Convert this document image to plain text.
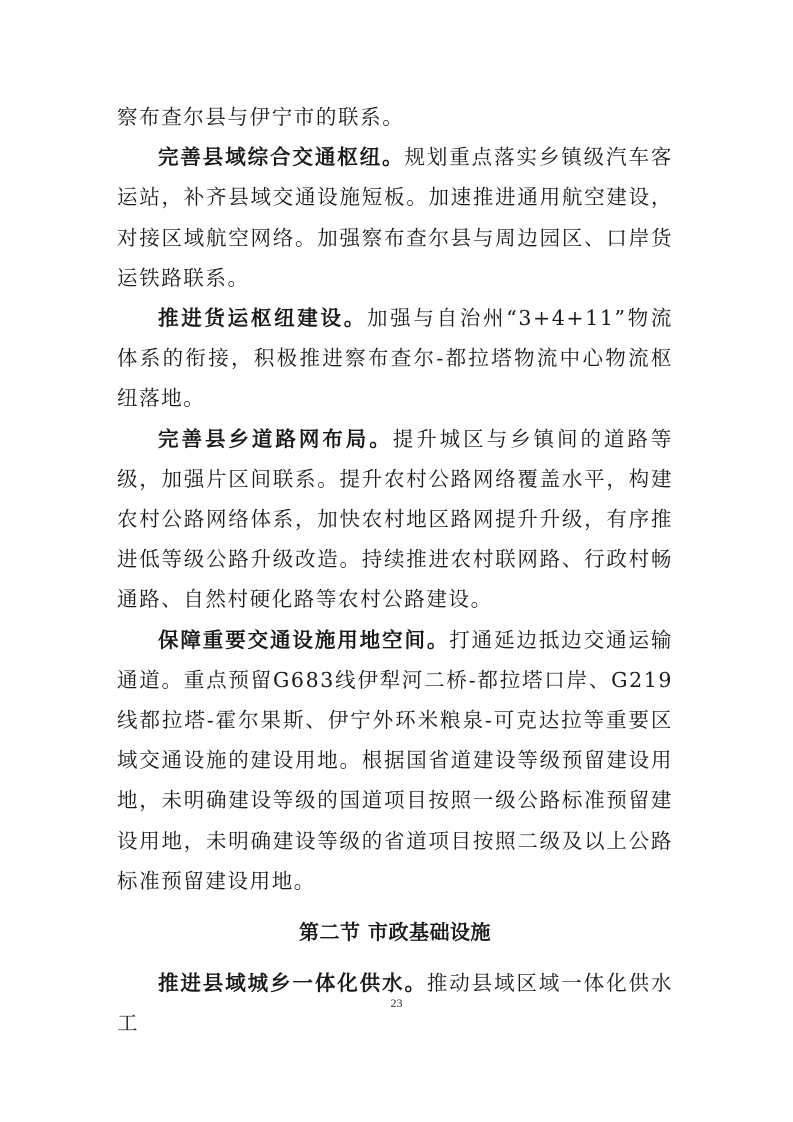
察布查尔县与伊宁市的联系。

完善县域综合交通枢纽。规划重点落实乡镇级汽车客运站，补齐县域交通设施短板。加速推进通用航空建设，对接区域航空网络。加强察布查尔县与周边园区、口岸货运铁路联系。

推进货运枢纽建设。加强与自治州“3+4+11”物流体系的衔接，积极推进察布查尔-都拉塔物流中心物流枢纽落地。

完善县乡道路网布局。提升城区与乡镇间的道路等级，加强片区间联系。提升农村公路网络覆盖水平，构建农村公路网络体系，加快农村地区路网提升升级，有序推进低等级公路升级改造。持续推进农村联网路、行政村畅通路、自然村硬化路等农村公路建设。

保障重要交通设施用地空间。打通延边抵边交通运输通道。重点预留G683线伊犁河二桥-都拉塔口岸、G219线都拉塔-霍尔果斯、伊宁外环米粮泉-可克达拉等重要区域交通设施的建设用地。根据国省道建设等级预留建设用地，未明确建设等级的国道项目按照一级公路标准预留建设用地，未明确建设等级的省道项目按照二级及以上公路标准预留建设用地。

第二节 市政基础设施

推进县域城乡一体化供水。推动县域区域一体化供水工

23
